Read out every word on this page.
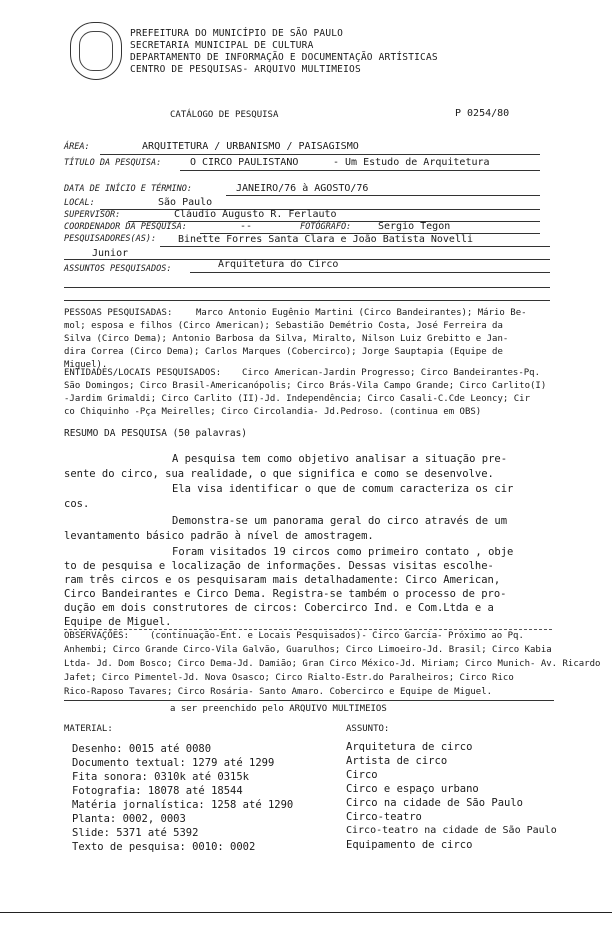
PREFEITURA DO MUNICÍPIO DE SÃO PAULO
SECRETARIA MUNICIPAL DE CULTURA
DEPARTAMENTO DE INFORMAÇÃO E DOCUMENTAÇÃO ARTÍSTICAS
CENTRO DE PESQUISAS- ARQUIVO MULTIMEIOS
CATÁLOGO DE PESQUISA	P 0254/80
ÁREA:	ARQUITETURA / URBANISMO / PAISAGISMO
TÍTULO DA PESQUISA:	O CIRCO PAULISTANO	- Um Estudo de Arquitetura
DATA DE INÍCIO E TÉRMINO:	JANEIRO/76 à AGOSTO/76
LOCAL:	São Paulo
SUPERVISOR:	Cláudio Augusto R. Ferlauto
COORDENADOR DA PESQUISA:	--	FOTÓGRAFO:	Sergio Tegon
PESQUISADORES(AS): Binette Forres Santa Clara e João Batista Novelli
Junior
ASSUNTOS PESQUISADOS:	Arquitetura do Circo
PESSOAS PESQUISADAS:	Marco Antonio Eugênio Martini (Circo Bandeirantes); Mário Be-
mol; esposa e filhos (Circo American); Sebastião Demétrio Costa, José Ferreira da
Silva (Circo Dema); Antonio Barbosa da Silva, Miralto, Nilson Luiz Grebitto e Jan-
dira Correa (Circo Dema); Carlos Marques (Cobercirco); Jorge Sauptapia (Equipe de
Miguel).
ENTIDADES/LOCAIS PESQUISADOS: Circo American-Jardin Progresso; Circo Bandeirantes-Pq.
São Domingos; Circo Brasil-Americanópolis; Circo Brás-Vila Campo Grande; Circo Carlito(I)
-Jardim Grimaldi; Circo Carlito (II)-Jd. Independência; Circo Casali-C.Cde Leoncy; Cir
co Chiquinho -Pça Meirelles; Circo Circolandia- Jd.Pedroso. (continua em OBS)
RESUMO DA PESQUISA (50 palavras)
A pesquisa tem como objetivo analisar a situação pre-
sente do circo, sua realidade, o que significa e como se desenvolve.
Ela visa identificar o que de comum caracteriza os cir
cos.
Demonstra-se um panorama geral do circo através de um
levantamento básico padrão à nível de amostragem.
Foram visitados 19 circos como primeiro contato , obje
to de pesquisa e localização de informações. Dessas visitas escolhe-
ram três circos e os pesquisaram mais detalhadamente: Circo American,
Circo Bandeirantes e Circo Dema. Registra-se também o processo de pro-
dução em dois construtores de circos: Cobercirco Ind. e Com.Ltda e a
Equipe de Miguel.
OBSERVAÇÕES: (continuação-Ent. e Locais Pesquisados)- Circo Garcia- Próximo ao Pq.
Anhembi; Circo Grande Circo-Vila Galvão, Guarulhos; Circo Limoeiro-Jd. Brasil; Circo Kabia
Ltda- Jd. Dom Bosco; Circo Dema-Jd. Damião; Gran Circo México-Jd. Miriam; Circo Munich- Av. Ricardo
Jafet; Circo Pimentel-Jd. Nova Osasco; Circo Rialto-Estr.do Paralheiros; Circo Rico
Rico-Raposo Tavares; Circo Rosária- Santo Amaro. Cobercirco e Equipe de Miguel.
a ser preenchido pelo ARQUIVO MULTIMEIOS
MATERIAL:
Desenho: 0015 até 0080
Documento textual: 1279 até 1299
Fita sonora: 0310k até 0315k
Fotografia: 18078 até 18544
Matéria jornalística: 1258 até 1290
Planta: 0002, 0003
Slide: 5371 até 5392
Texto de pesquisa: 0010: 0002
ASSUNTO:
Arquitetura de circo
Artista de circo
Circo
Circo e espaço urbano
Circo na cidade de São Paulo
Circo-teatro
Circo-teatro na cidade de São Paulo
Equipamento de circo
